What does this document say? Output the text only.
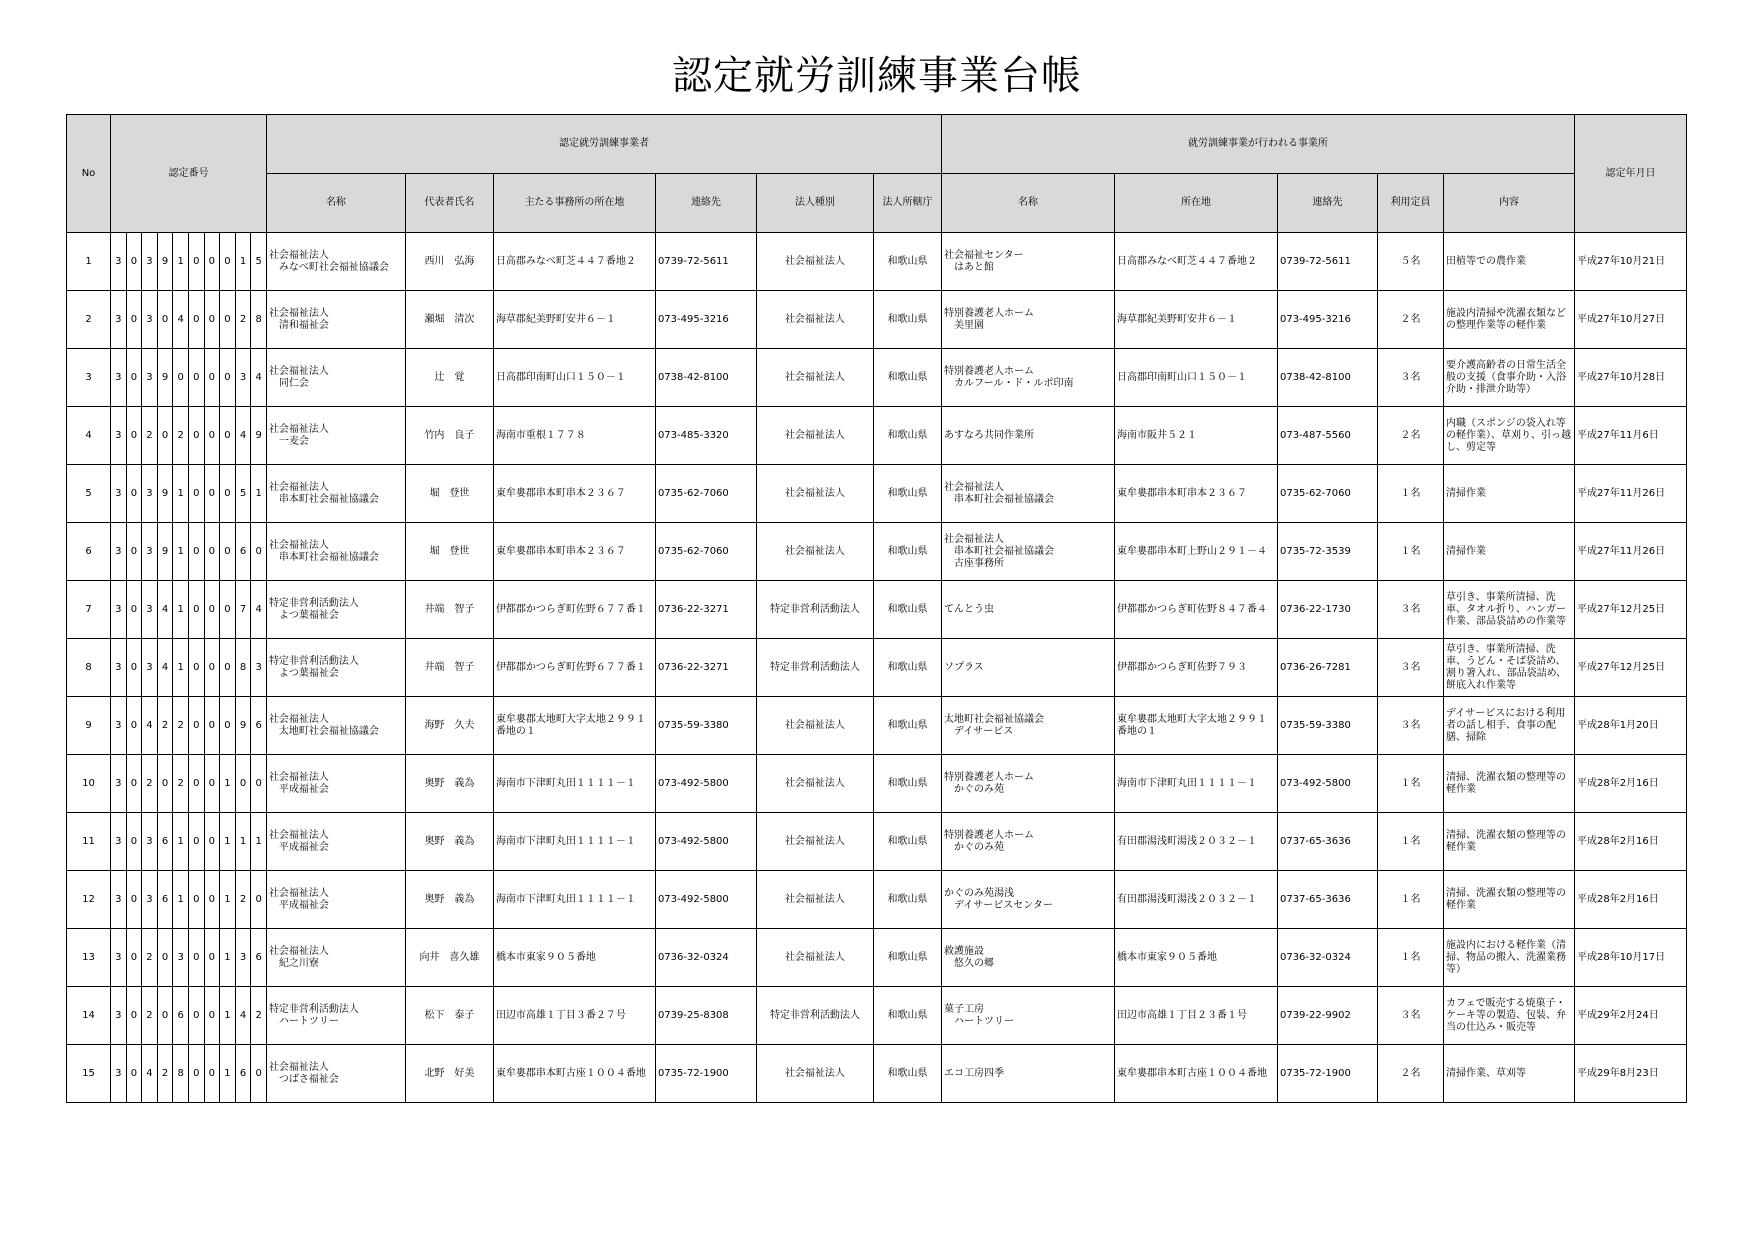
認定就労訓練事業台帳
No	認定番号										認定就労訓練事業者						就労訓練事業が行われる事業所					認定年月日
											名称	代表者氏名	主たる事務所の所在地	連絡先	法人種別	法人所轄庁	名称	所在地	連絡先	利用定員	内容	
1	3	0	3	9	1	0	0	0	1	5	社会福祉法人
　みなべ町社会福祉協議会	西川　弘海	日高郡みなべ町芝４４７番地２	0739-72-5611	社会福祉法人	和歌山県	社会福祉センター
　はあと館	日高郡みなべ町芝４４７番地２	0739-72-5611	５名	田植等での農作業	平成27年10月21日
2	3	0	3	0	4	0	0	0	2	8	社会福祉法人
　清和福祉会	瀬堀　清次	海草郡紀美野町安井６－１	073-495-3216	社会福祉法人	和歌山県	特別養護老人ホーム
　美里園	海草郡紀美野町安井６－１	073-495-3216	２名	施設内清掃や洗濯衣類などの整理作業等の軽作業	平成27年10月27日
3	3	0	3	9	0	0	0	0	3	4	社会福祉法人
　同仁会	辻　覚	日高郡印南町山口１５０－１	0738-42-8100	社会福祉法人	和歌山県	特別養護老人ホーム
　カルフール・ド・ルポ印南	日高郡印南町山口１５０－１	0738-42-8100	３名	要介護高齢者の日常生活全般の支援（食事介助・入浴介助・排泄介助等）	平成27年10月28日
4	3	0	2	0	2	0	0	0	4	9	社会福祉法人
　一麦会	竹内　良子	海南市重根１７７８	073-485-3320	社会福祉法人	和歌山県	あすなろ共同作業所	海南市阪井５２１	073-487-5560	２名	内職（スポンジの袋入れ等の軽作業）、草刈り、引っ越し、剪定等	平成27年11月6日
5	3	0	3	9	1	0	0	0	5	1	社会福祉法人
　串本町社会福祉協議会	堀　登世	東牟婁郡串本町串本２３６７	0735-62-7060	社会福祉法人	和歌山県	社会福祉法人
　串本町社会福祉協議会	東牟婁郡串本町串本２３６７	0735-62-7060	１名	清掃作業	平成27年11月26日
6	3	0	3	9	1	0	0	0	6	0	社会福祉法人
　串本町社会福祉協議会	堀　登世	東牟婁郡串本町串本２３６７	0735-62-7060	社会福祉法人	和歌山県	社会福祉法人
　串本町社会福祉協議会
　古座事務所	東牟婁郡串本町上野山２９１－４	0735-72-3539	１名	清掃作業	平成27年11月26日
7	3	0	3	4	1	0	0	0	7	4	特定非営利活動法人
　よつ葉福祉会	井端　智子	伊都郡かつらぎ町佐野６７７番１	0736-22-3271	特定非営利活動法人	和歌山県	てんとう虫	伊都郡かつらぎ町佐野８４７番４	0736-22-1730	３名	草引き、事業所清掃、洗車、タオル折り、ハンガー作業、部品袋詰めの作業等	平成27年12月25日
8	3	0	3	4	1	0	0	0	8	3	特定非営利活動法人
　よつ葉福祉会	井端　智子	伊都郡かつらぎ町佐野６７７番１	0736-22-3271	特定非営利活動法人	和歌山県	ソプラス	伊都郡かつらぎ町佐野７９３	0736-26-7281	３名	草引き、事業所清掃、洗車、うどん・そば袋詰め、割り箸入れ、部品袋詰め、餅底入れ作業等	平成27年12月25日
9	3	0	4	2	2	0	0	0	9	6	社会福祉法人
　太地町社会福祉協議会	海野　久夫	東牟婁郡太地町大字太地２９９１番地の１	0735-59-3380	社会福祉法人	和歌山県	太地町社会福祉協議会
　デイサービス	東牟婁郡太地町大字太地２９９１番地の１	0735-59-3380	３名	デイサービスにおける利用者の話し相手、食事の配膳、掃除	平成28年1月20日
10	3	0	2	0	2	0	0	1	0	0	社会福祉法人
　平成福祉会	奥野　義為	海南市下津町丸田１１１１－１	073-492-5800	社会福祉法人	和歌山県	特別養護老人ホーム
　かぐのみ苑	海南市下津町丸田１１１１－１	073-492-5800	１名	清掃、洗濯衣類の整理等の軽作業	平成28年2月16日
11	3	0	3	6	1	0	0	1	1	1	社会福祉法人
　平成福祉会	奥野　義為	海南市下津町丸田１１１１－１	073-492-5800	社会福祉法人	和歌山県	特別養護老人ホーム
　かぐのみ苑	有田郡湯浅町湯浅２０３２－１	0737-65-3636	１名	清掃、洗濯衣類の整理等の軽作業	平成28年2月16日
12	3	0	3	6	1	0	0	1	2	0	社会福祉法人
　平成福祉会	奥野　義為	海南市下津町丸田１１１１－１	073-492-5800	社会福祉法人	和歌山県	かぐのみ苑湯浅
　デイサービスセンター	有田郡湯浅町湯浅２０３２－１	0737-65-3636	１名	清掃、洗濯衣類の整理等の軽作業	平成28年2月16日
13	3	0	2	0	3	0	0	1	3	6	社会福祉法人
　紀之川寮	向井　喜久雄	橋本市東家９０５番地	0736-32-0324	社会福祉法人	和歌山県	救護施設
　悠久の郷	橋本市東家９０５番地	0736-32-0324	１名	施設内における軽作業（清掃、物品の搬入、洗濯業務等）	平成28年10月17日
14	3	0	2	0	6	0	0	1	4	2	特定非営利活動法人
　ハートツリー	松下　泰子	田辺市高雄１丁目３番２７号	0739-25-8308	特定非営利活動法人	和歌山県	菓子工房
　ハートツリー	田辺市高雄１丁目２３番１号	0739-22-9902	３名	カフェで販売する焼菓子・ケーキ等の製造、包装、弁当の仕込み・販売等	平成29年2月24日
15	3	0	4	2	8	0	0	1	6	0	社会福祉法人
　つばさ福祉会	北野　好美	東牟婁郡串本町古座１００４番地	0735-72-1900	社会福祉法人	和歌山県	エコ工房四季	東牟婁郡串本町古座１００４番地	0735-72-1900	２名	清掃作業、草刈等	平成29年8月23日
